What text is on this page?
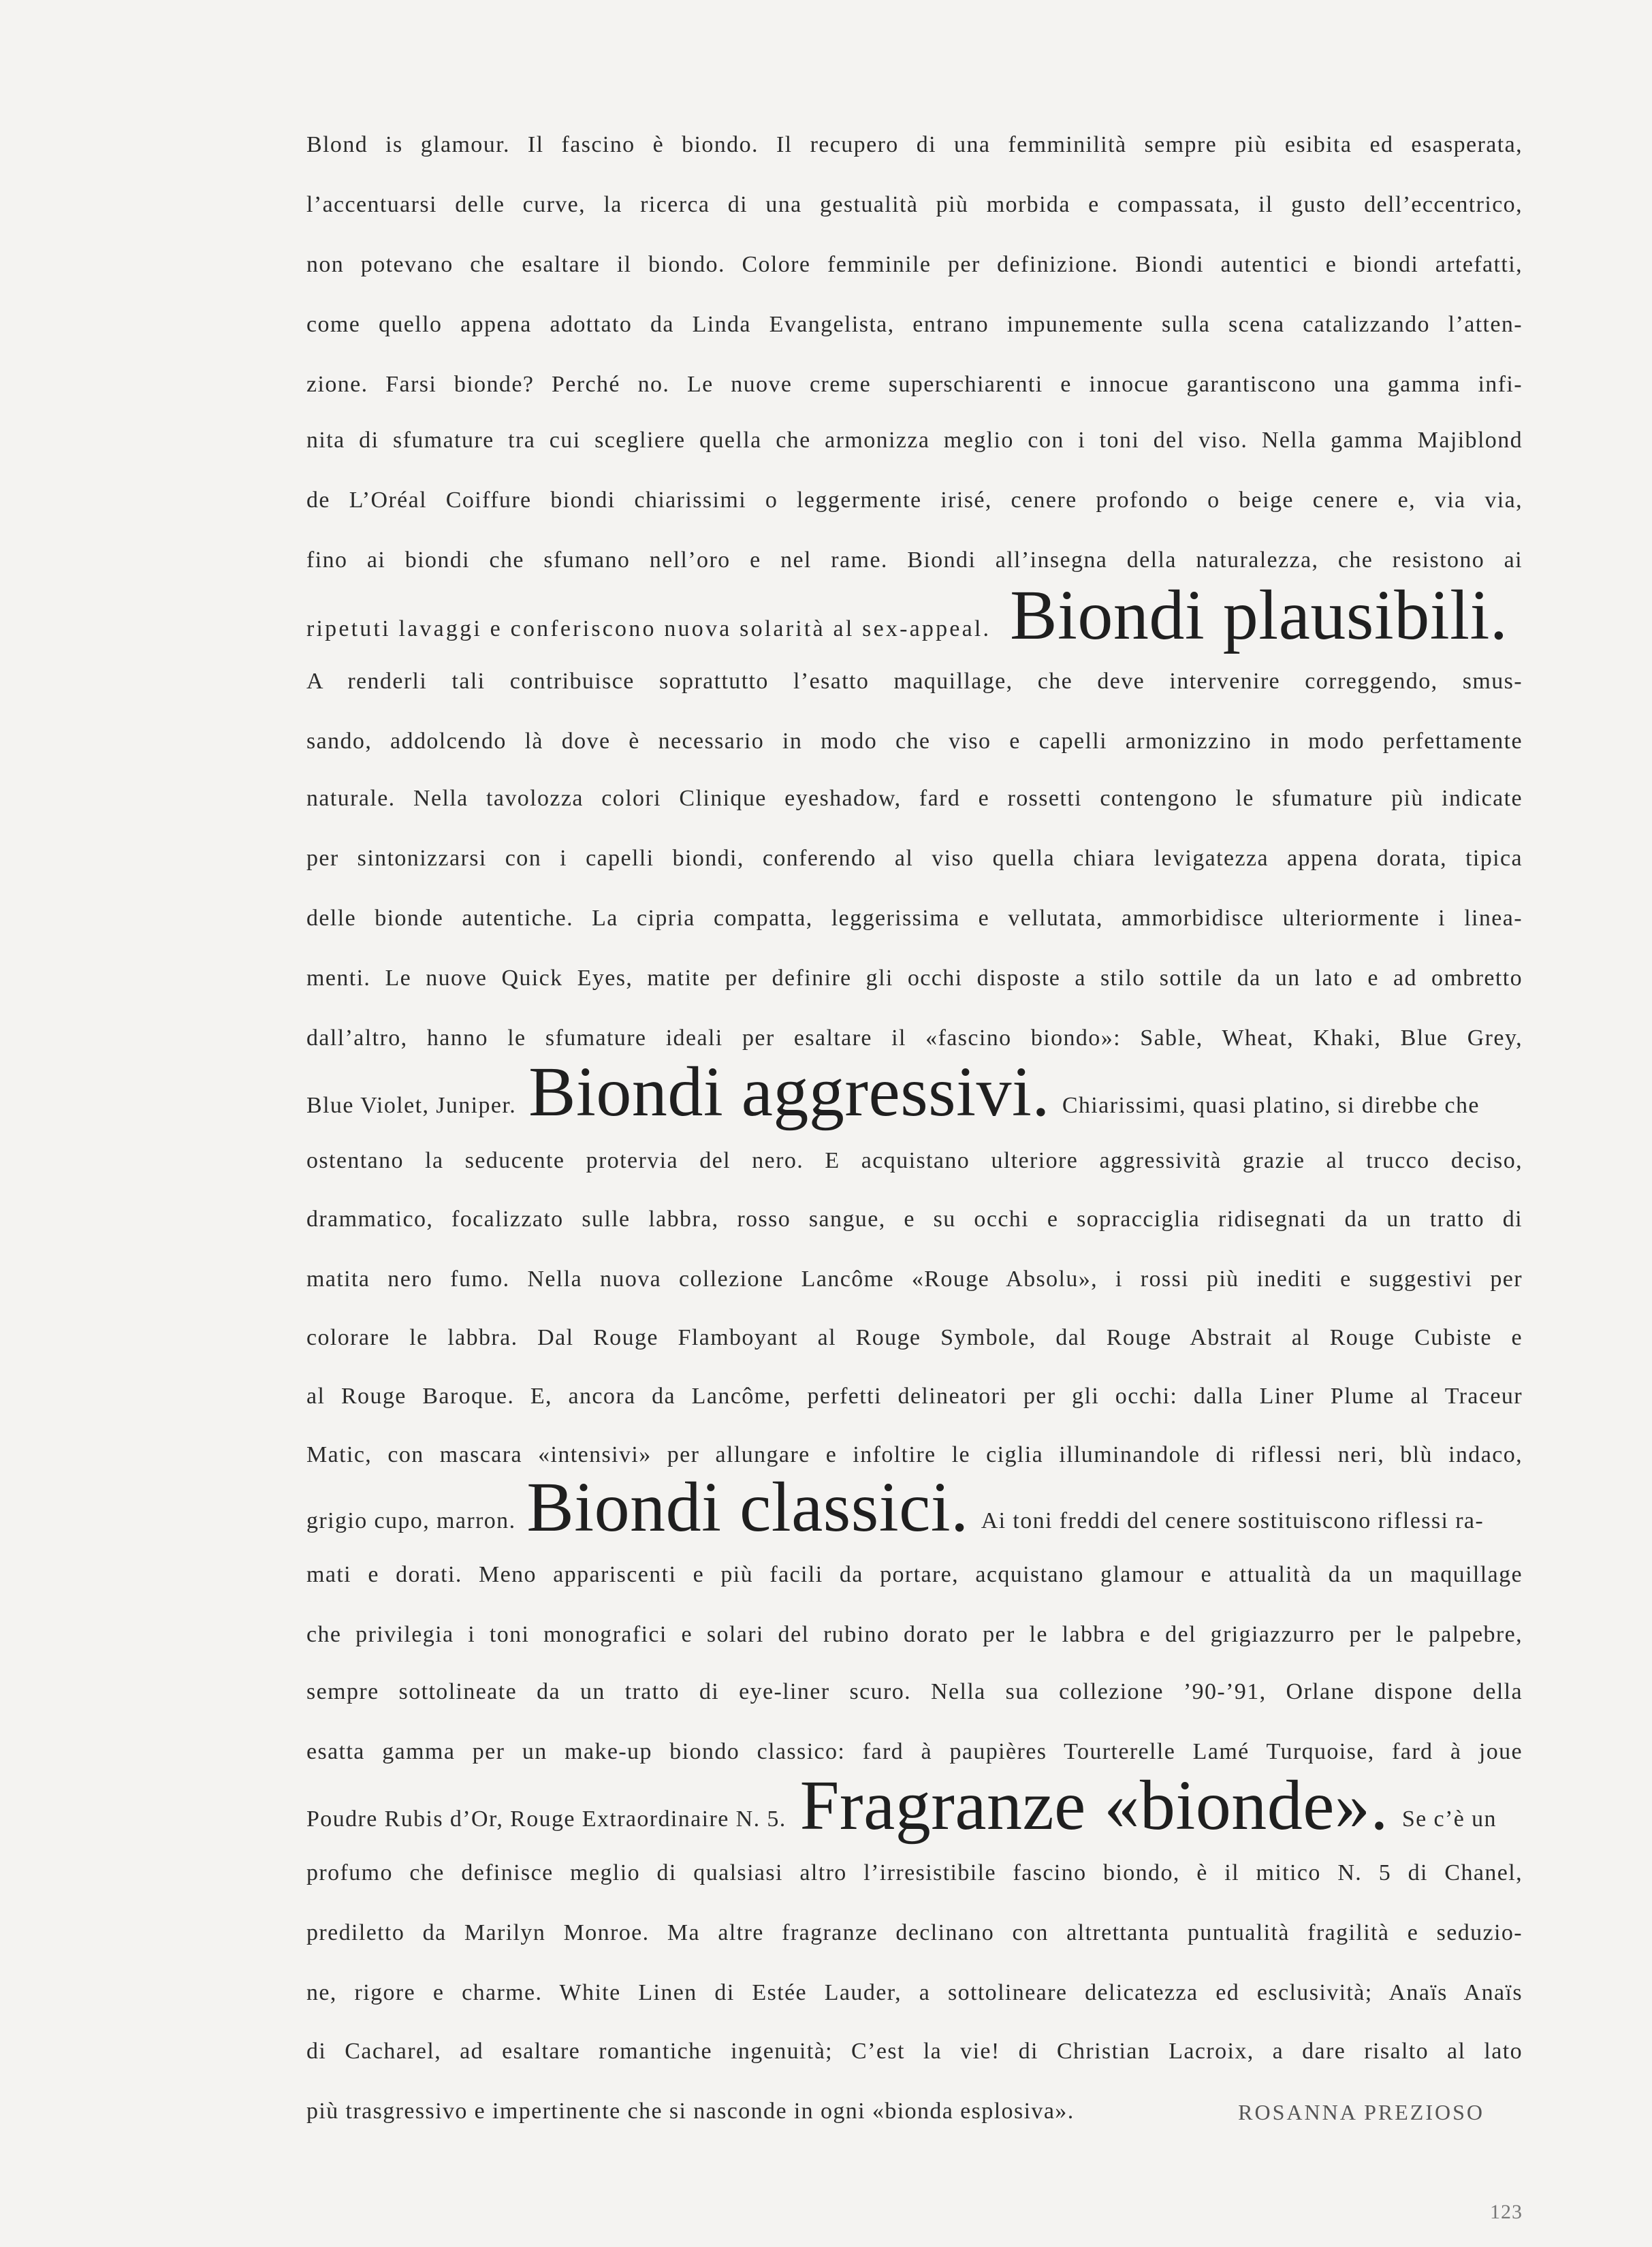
Blond is glamour. Il fascino è biondo. Il recupero di una femminilità sempre più esibita ed esasperata,
l’accentuarsi delle curve, la ricerca di una gestualità più morbida e compassata, il gusto dell’eccentrico,
non potevano che esaltare il biondo. Colore femminile per definizione. Biondi autentici e biondi artefatti,
come quello appena adottato da Linda Evangelista, entrano impunemente sulla scena catalizzando l’atten-
zione. Farsi bionde? Perché no. Le nuove creme superschiarenti e innocue garantiscono una gamma infi-
nita di sfumature tra cui scegliere quella che armonizza meglio con i toni del viso. Nella gamma Majiblond
de L’Oréal Coiffure biondi chiarissimi o leggermente irisé, cenere profondo o beige cenere e, via via,
fino ai biondi che sfumano nell’oro e nel rame. Biondi all’insegna della naturalezza, che resistono ai
ripetuti lavaggi e conferiscono nuova solarità al sex-appeal. Biondi plausibili.
A renderli tali contribuisce soprattutto l’esatto maquillage, che deve intervenire correggendo, smus-
sando, addolcendo là dove è necessario in modo che viso e capelli armonizzino in modo perfettamente
naturale. Nella tavolozza colori Clinique eyeshadow, fard e rossetti contengono le sfumature più indicate
per sintonizzarsi con i capelli biondi, conferendo al viso quella chiara levigatezza appena dorata, tipica
delle bionde autentiche. La cipria compatta, leggerissima e vellutata, ammorbidisce ulteriormente i linea-
menti. Le nuove Quick Eyes, matite per definire gli occhi disposte a stilo sottile da un lato e ad ombretto
dall’altro, hanno le sfumature ideali per esaltare il «fascino biondo»: Sable, Wheat, Khaki, Blue Grey,
Blue Violet, Juniper. Biondi aggressivi. Chiarissimi, quasi platino, si direbbe che
ostentano la seducente protervia del nero. E acquistano ulteriore aggressività grazie al trucco deciso,
drammatico, focalizzato sulle labbra, rosso sangue, e su occhi e sopracciglia ridisegnati da un tratto di
matita nero fumo. Nella nuova collezione Lancôme «Rouge Absolu», i rossi più inediti e suggestivi per
colorare le labbra. Dal Rouge Flamboyant al Rouge Symbole, dal Rouge Abstrait al Rouge Cubiste e
al Rouge Baroque. E, ancora da Lancôme, perfetti delineatori per gli occhi: dalla Liner Plume al Traceur
Matic, con mascara «intensivi» per allungare e infoltire le ciglia illuminandole di riflessi neri, blù indaco,
grigio cupo, marron. Biondi classici. Ai toni freddi del cenere sostituiscono riflessi ra-
mati e dorati. Meno appariscenti e più facili da portare, acquistano glamour e attualità da un maquillage
che privilegia i toni monografici e solari del rubino dorato per le labbra e del grigiazzurro per le palpebre,
sempre sottolineate da un tratto di eye-liner scuro. Nella sua collezione ’90-’91, Orlane dispone della
esatta gamma per un make-up biondo classico: fard à paupières Tourterelle Lamé Turquoise, fard à joue
Poudre Rubis d’Or, Rouge Extraordinaire N. 5. Fragranze «bionde». Se c’è un
profumo che definisce meglio di qualsiasi altro l’irresistibile fascino biondo, è il mitico N. 5 di Chanel,
prediletto da Marilyn Monroe. Ma altre fragranze declinano con altrettanta puntualità fragilità e seduzio-
ne, rigore e charme. White Linen di Estée Lauder, a sottolineare delicatezza ed esclusività; Anaïs Anaïs
di Cacharel, ad esaltare romantiche ingenuità; C’est la vie! di Christian Lacroix, a dare risalto al lato
più trasgressivo e impertinente che si nasconde in ogni «bionda esplosiva».	ROSANNA PREZIOSO
123
